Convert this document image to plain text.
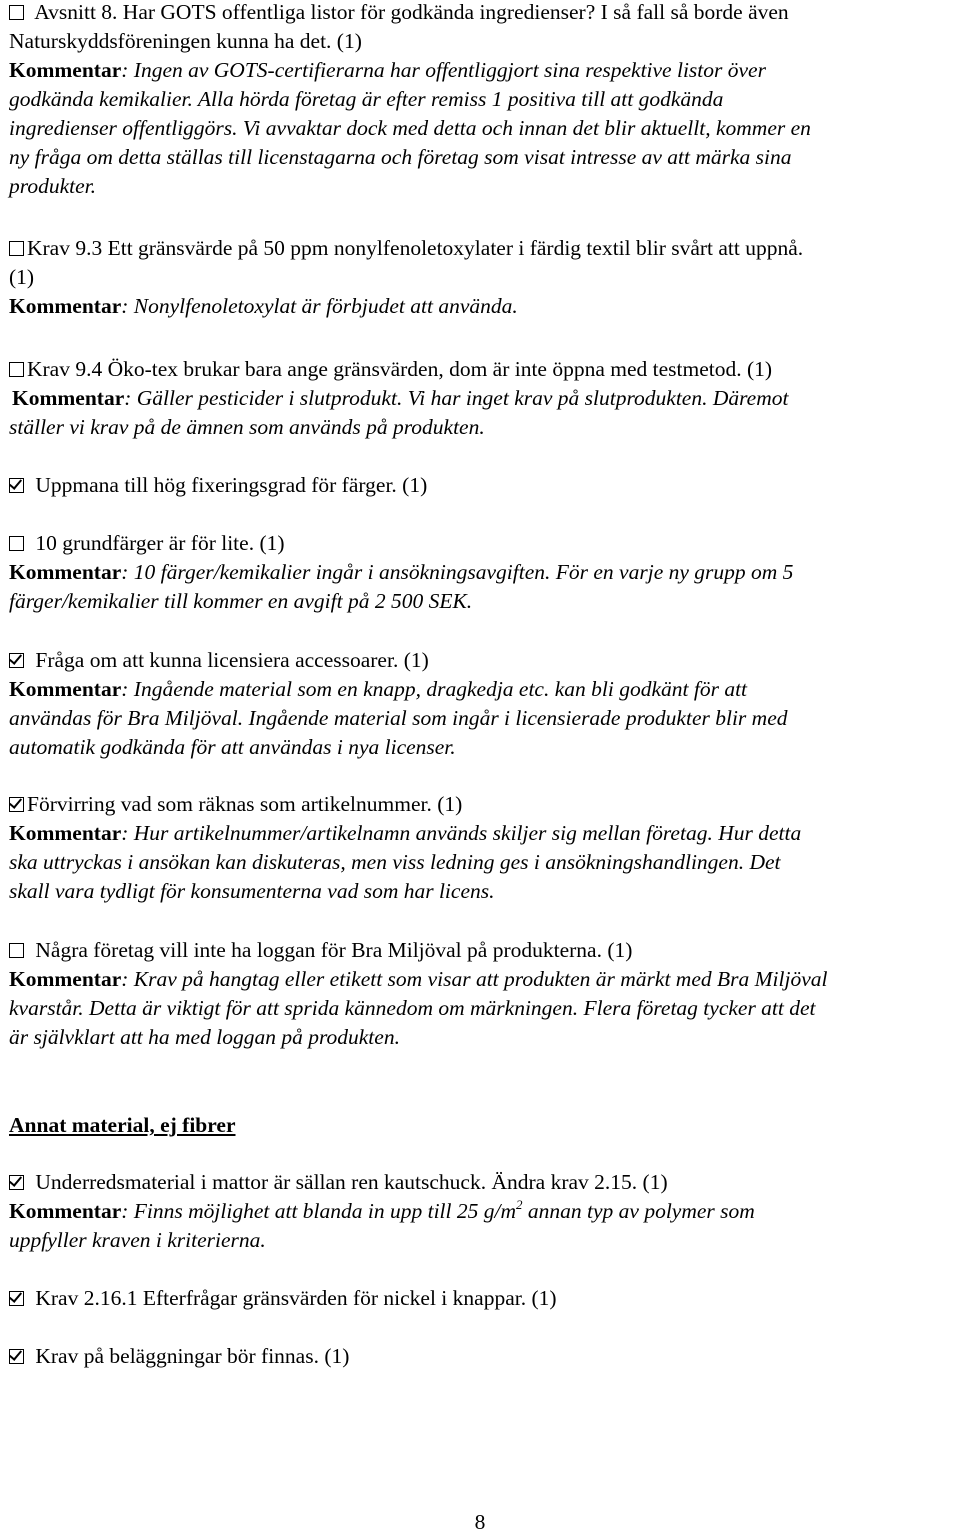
Avsnitt 8. Har GOTS offentliga listor för godkända ingredienser? I så fall så borde även
Naturskyddsföreningen kunna ha det. (1)
Kommentar: Ingen av GOTS-certifierarna har offentliggjort sina respektive listor över
godkända kemikalier. Alla hörda företag är efter remiss 1 positiva till att godkända
ingredienser offentliggörs. Vi avvaktar dock med detta och innan det blir aktuellt, kommer en
ny fråga om detta ställas till licenstagarna och företag som visat intresse av att märka sina
produkter.
Krav 9.3 Ett gränsvärde på 50 ppm nonylfenoletoxylater i färdig textil blir svårt att uppnå.
(1)
Kommentar: Nonylfenoletoxylat är förbjudet att använda.
Krav 9.4 Öko-tex brukar bara ange gränsvärden, dom är inte öppna med testmetod. (1)
Kommentar: Gäller pesticider i slutprodukt. Vi har inget krav på slutprodukten. Däremot
ställer vi krav på de ämnen som används på produkten.
Uppmana till hög fixeringsgrad för färger. (1)
10 grundfärger är för lite. (1)
Kommentar: 10 färger/kemikalier ingår i ansökningsavgiften. För en varje ny grupp om 5
färger/kemikalier till kommer en avgift på 2 500 SEK.
Fråga om att kunna licensiera accessoarer. (1)
Kommentar: Ingående material som en knapp, dragkedja etc. kan bli godkänt för att
användas för Bra Miljöval. Ingående material som ingår i licensierade produkter blir med
automatik godkända för att användas i nya licenser.
Förvirring vad som räknas som artikelnummer. (1)
Kommentar: Hur artikelnummer/artikelnamn används skiljer sig mellan företag. Hur detta
ska uttryckas i ansökan kan diskuteras, men viss ledning ges i ansökningshandlingen. Det
skall vara tydligt för konsumenterna vad som har licens.
Några företag vill inte ha loggan för Bra Miljöval på produkterna. (1)
Kommentar: Krav på hangtag eller etikett som visar att produkten är märkt med Bra Miljöval
kvarstår. Detta är viktigt för att sprida kännedom om märkningen. Flera företag tycker att det
är självklart att ha med loggan på produkten.
Annat material, ej fibrer
Underredsmaterial i mattor är sällan ren kautschuck. Ändra krav 2.15. (1)
Kommentar: Finns möjlighet att blanda in upp till 25 $g/m^2$ annan typ av polymer som
uppfyller kraven i kriterierna.
Krav 2.16.1 Efterfrågar gränsvärden för nickel i knappar. (1)
Krav på beläggningar bör finnas. (1)
8
